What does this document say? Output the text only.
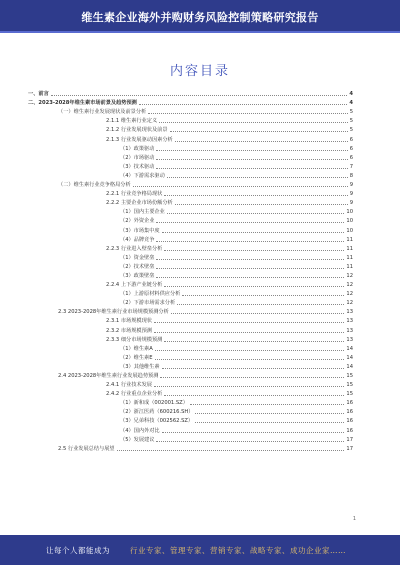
维生素企业海外并购财务风险控制策略研究报告
内容目录
一、前言	4
二、2023-2028年维生素市场前景及趋势预测	4
（一）维生素行业发展现状及前景分析	5
2.1.1 维生素行业定义	5
2.1.2 行业发展现状及前景	5
2.1.3 行业发展驱动因素分析	6
（1）政策驱动	6
（2）市场驱动	6
（3）技术驱动	7
（4）下游需求驱动	8
（二）维生素行业竞争格局分析	9
2.2.1 行业竞争格局现状	9
2.2.2 主要企业市场份额分析	9
（1）国内主要企业	10
（2）外资企业	10
（3）市场集中度	10
（4）品牌竞争	11
2.2.3 行业进入壁垒分析	11
（1）资金壁垒	11
（2）技术壁垒	11
（3）政策壁垒	12
2.2.4 上下游产业链分析	12
（1）上游原材料供应分析	12
（2）下游市场需求分析	12
2.3 2023-2028年维生素行业市场规模预测分析	13
2.3.1 市场规模现状	13
2.3.2 市场规模预测	13
2.3.3 细分市场规模预测	13
（1）维生素A	14
（2）维生素E	14
（3）其他维生素	14
2.4 2023-2028年维生素行业发展趋势预测	15
2.4.1 行业技术发展	15
2.4.2 行业重点企业分析	15
（1）新和成（002001.SZ）	16
（2）浙江医药（600216.SH）	16
（3）兄弟科技（002562.SZ）	16
（4）国内外对比	16
（5）发展建议	17
2.5 行业发展总结与展望	17
1
让每个人都能成为	行业专家、管理专家、营销专家、战略专家、成功企业家……
